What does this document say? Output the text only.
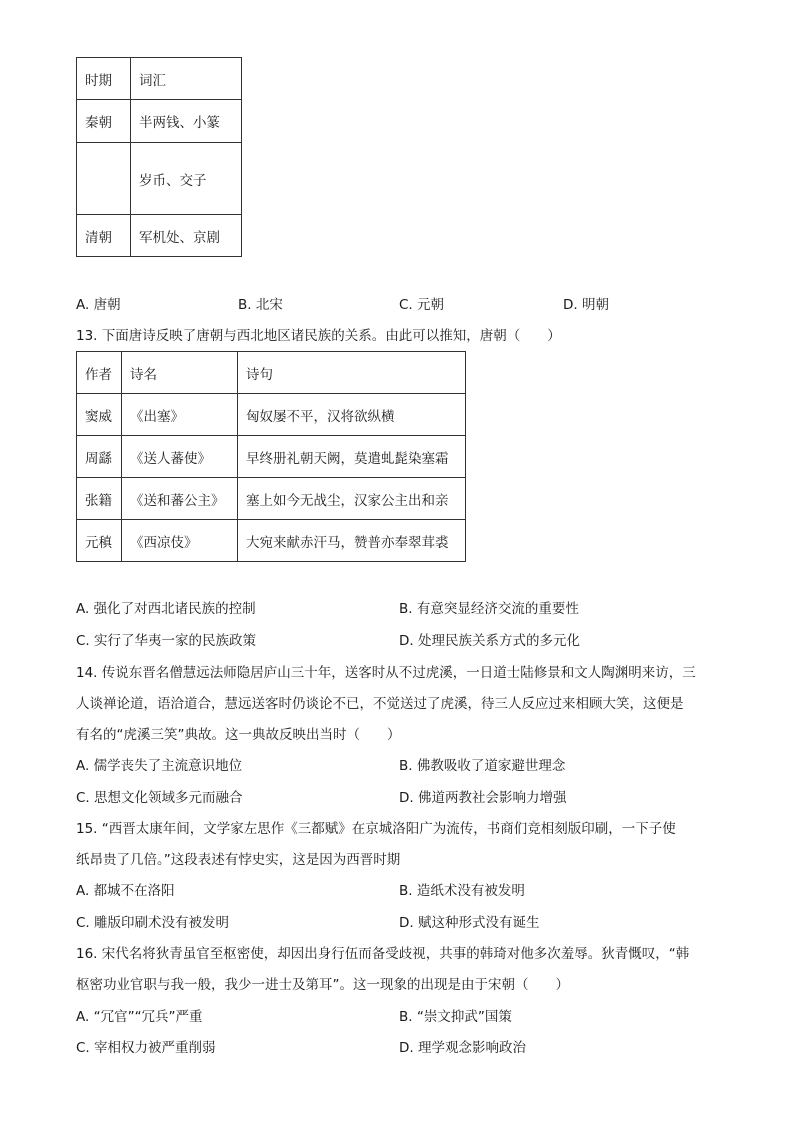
时期	词汇
秦朝	半两钱、小篆
	岁币、交子
清朝	军机处、京剧
A. 唐朝	B. 北宋	C. 元朝	D. 明朝
13. 下面唐诗反映了唐朝与西北地区诸民族的关系。由此可以推知，唐朝（　　）
作者	诗名	诗句
窦威	《出塞》	匈奴屡不平，汉将欲纵横
周繇	《送人蕃使》	早终册礼朝天阙，莫遣虬髭染塞霜
张籍	《送和蕃公主》	塞上如今无战尘，汉家公主出和亲
元稹	《西凉伎》	大宛来献赤汗马，赞普亦奉翠茸裘
A. 强化了对西北诸民族的控制	B. 有意突显经济交流的重要性
C. 实行了华夷一家的民族政策	D. 处理民族关系方式的多元化
14. 传说东晋名僧慧远法师隐居庐山三十年，送客时从不过虎溪，一日道士陆修景和文人陶渊明来访，三
人谈禅论道，语洽道合，慧远送客时仍谈论不已，不觉送过了虎溪，待三人反应过来相顾大笑，这便是
有名的“虎溪三笑”典故。这一典故反映出当时（　　）
A. 儒学丧失了主流意识地位	B. 佛教吸收了道家避世理念
C. 思想文化领域多元而融合	D. 佛道两教社会影响力增强
15. “西晋太康年间，文学家左思作《三都赋》在京城洛阳广为流传，书商们竞相刻版印刷，一下子使
纸昂贵了几倍。”这段表述有悖史实，这是因为西晋时期
A. 都城不在洛阳	B. 造纸术没有被发明
C. 雕版印刷术没有被发明	D. 赋这种形式没有诞生
16. 宋代名将狄青虽官至枢密使，却因出身行伍而备受歧视，共事的韩琦对他多次羞辱。狄青慨叹，“韩
枢密功业官职与我一般，我少一进士及第耳”。这一现象的出现是由于宋朝（　　）
A. “冗官”“冗兵”严重	B. “崇文抑武”国策
C. 宰相权力被严重削弱	D. 理学观念影响政治
